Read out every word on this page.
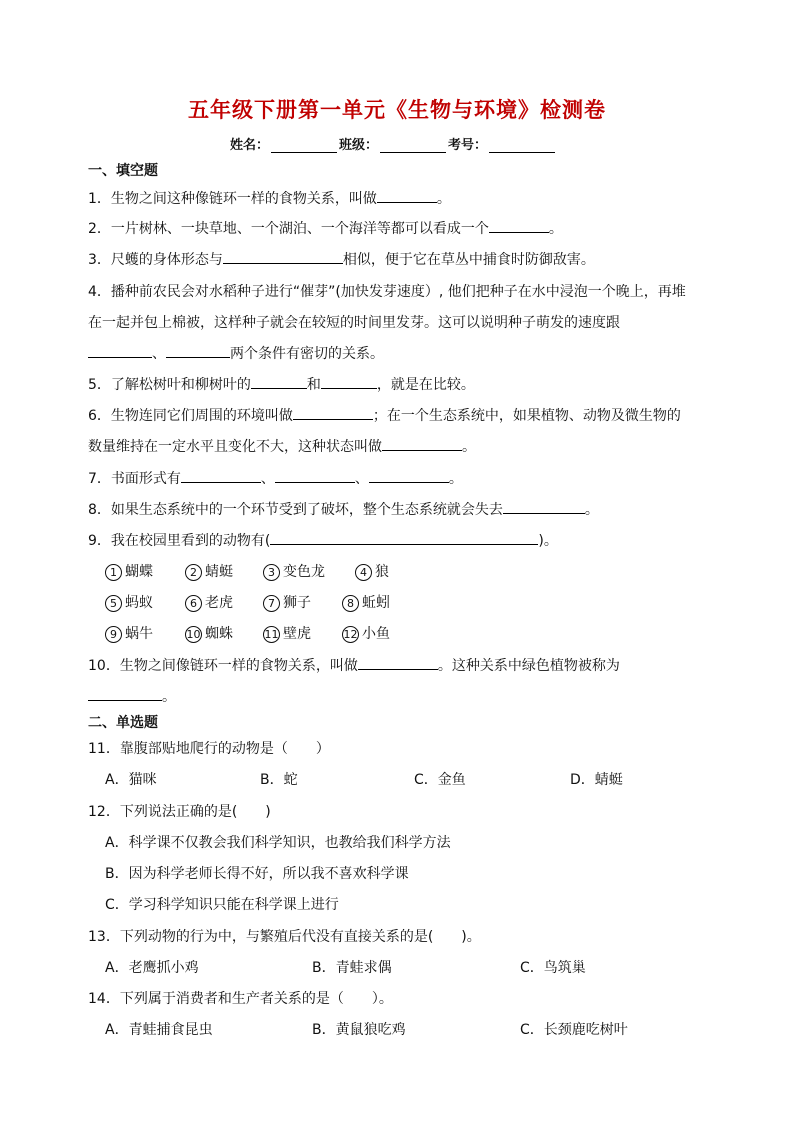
五年级下册第一单元《生物与环境》检测卷
姓名：	班级：	考号：
一、填空题
1．生物之间这种像链环一样的食物关系，叫做	。
2．一片树林、一块草地、一个湖泊、一个海洋等都可以看成一个	。
3．尺蠖的身体形态与	相似，便于它在草丛中捕食时防御敌害。
4．播种前农民会对水稻种子进行“催芽”(加快发芽速度）, 他们把种子在水中浸泡一个晚上，再堆
在一起并包上棉被，这样种子就会在较短的时间里发芽。这可以说明种子萌发的速度跟
、	两个条件有密切的关系。
5．了解松树叶和柳树叶的	和	，就是在比较。
6．生物连同它们周围的环境叫做	；在一个生态系统中，如果植物、动物及微生物的
数量维持在一定水平且变化不大，这种状态叫做	。
7．书面形式有	、	、	。
8．如果生态系统中的一个环节受到了破坏，整个生态系统就会失去	。
9．我在校园里看到的动物有(	)。
1 蝴蝶	2 蜻蜓	3 变色龙	4 狼
5 蚂蚁	6 老虎	7 狮子	8 蚯蚓
9 蜗牛	10 蜘蛛	11 壁虎	12 小鱼
10．生物之间像链环一样的食物关系，叫做	。这种关系中绿色植物被称为
。
二、单选题
11．靠腹部贴地爬行的动物是（　　）
A．猫咪	B．蛇	C．金鱼	D．蜻蜓
12．下列说法正确的是(　　)
A．科学课不仅教会我们科学知识，也教给我们科学方法
B．因为科学老师长得不好，所以我不喜欢科学课
C．学习科学知识只能在科学课上进行
13．下列动物的行为中，与繁殖后代没有直接关系的是(　　)。
A．老鹰抓小鸡	B．青蛙求偶	C．鸟筑巢
14．下列属于消费者和生产者关系的是（　　）。
A．青蛙捕食昆虫	B．黄鼠狼吃鸡	C．长颈鹿吃树叶
